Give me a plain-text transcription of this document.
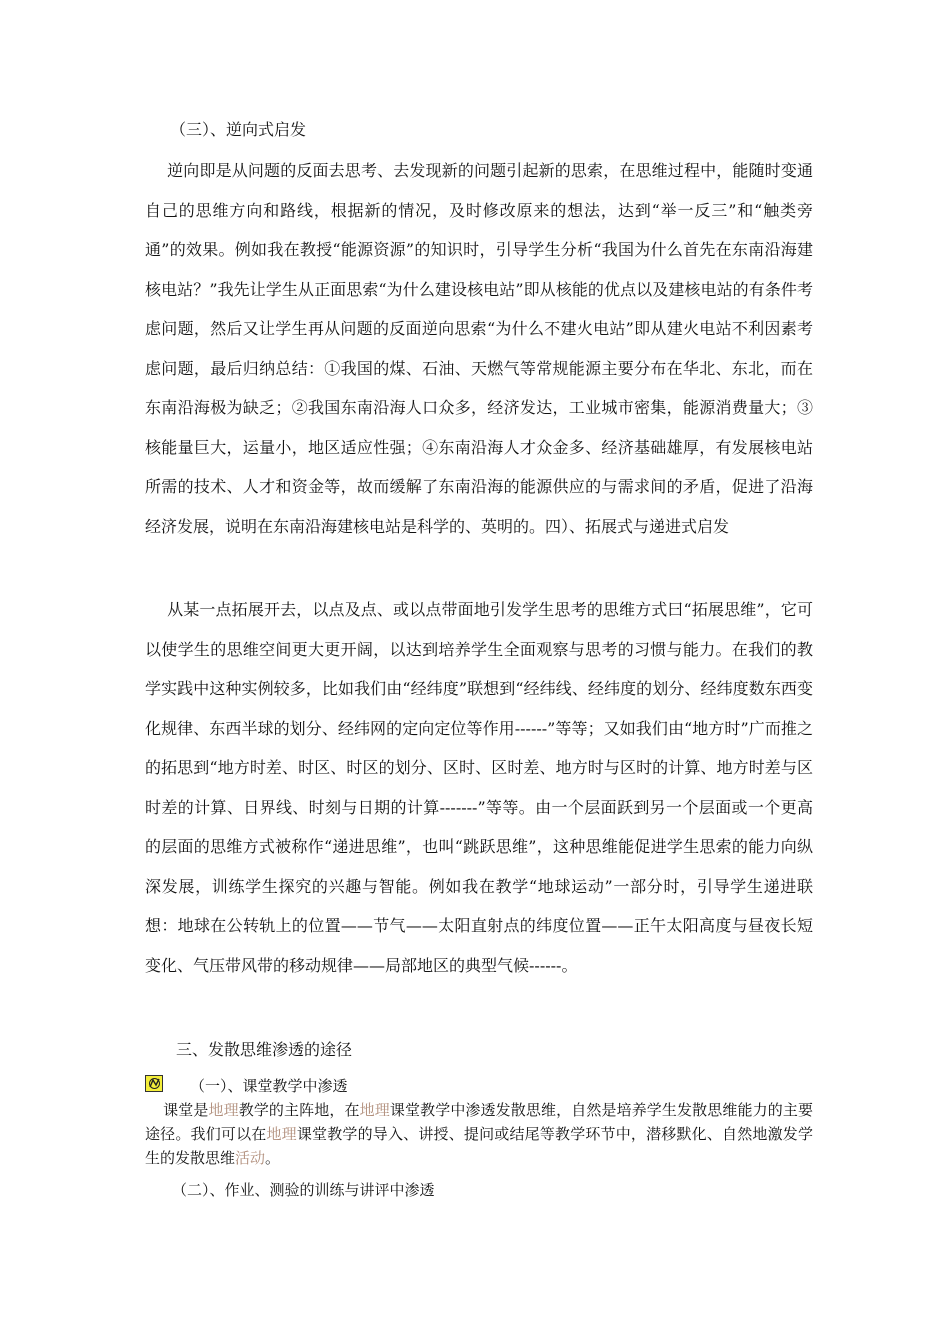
（三）、逆向式启发

逆向即是从问题的反面去思考、去发现新的问题引起新的思索，在思维过程中，能随时变通自己的思维方向和路线，根据新的情况，及时修改原来的想法，达到“举一反三”和“触类旁通”的效果。例如我在教授“能源资源”的知识时，引导学生分析“我国为什么首先在东南沿海建核电站？”我先让学生从正面思索“为什么建设核电站”即从核能的优点以及建核电站的有条件考虑问题，然后又让学生再从问题的反面逆向思索“为什么不建火电站”即从建火电站不利因素考虑问题，最后归纳总结：①我国的煤、石油、天燃气等常规能源主要分布在华北、东北，而在东南沿海极为缺乏；②我国东南沿海人口众多，经济发达，工业城市密集，能源消费量大；③核能量巨大，运量小，地区适应性强；④东南沿海人才众金多、经济基础雄厚，有发展核电站所需的技术、人才和资金等，故而缓解了东南沿海的能源供应的与需求间的矛盾，促进了沿海经济发展，说明在东南沿海建核电站是科学的、英明的。四）、拓展式与递进式启发

从某一点拓展开去，以点及点、或以点带面地引发学生思考的思维方式曰“拓展思维”，它可以使学生的思维空间更大更开阔，以达到培养学生全面观察与思考的习惯与能力。在我们的教学实践中这种实例较多，比如我们由“经纬度”联想到“经纬线、经纬度的划分、经纬度数东西变化规律、东西半球的划分、经纬网的定向定位等作用------”等等；又如我们由“地方时”广而推之的拓思到“地方时差、时区、时区的划分、区时、区时差、地方时与区时的计算、地方时差与区时差的计算、日界线、时刻与日期的计算-------”等等。由一个层面跃到另一个层面或一个更高的层面的思维方式被称作“递进思维”，也叫“跳跃思维”，这种思维能促进学生思索的能力向纵深发展，训练学生探究的兴趣与智能。例如我在教学“地球运动”一部分时，引导学生递进联想：地球在公转轨上的位置——节气——太阳直射点的纬度位置——正午太阳高度与昼夜长短变化、气压带风带的移动规律——局部地区的典型气候------。

三、发散思维渗透的途径
（一）、课堂教学中渗透

课堂是地理教学的主阵地，在地理课堂教学中渗透发散思维，自然是培养学生发散思维能力的主要途径。我们可以在地理课堂教学的导入、讲授、提问或结尾等教学环节中，潜移默化、自然地激发学生的发散思维活动。

（二）、作业、测验的训练与讲评中渗透
